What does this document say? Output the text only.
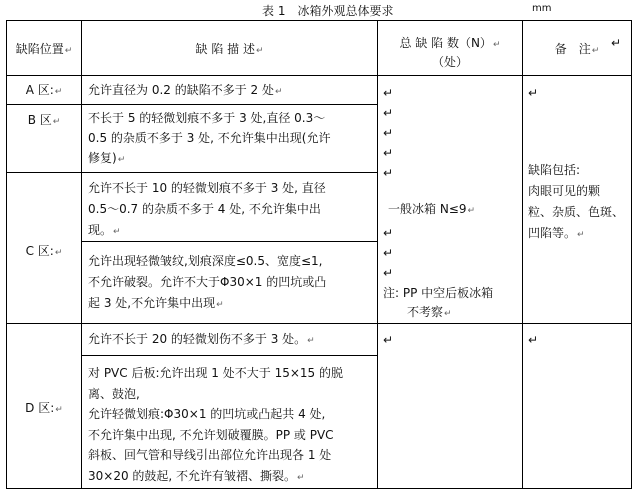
表 1　冰箱外观总体要求	mm
缺陷位置↵	缺 陷 描 述↵
总 缺 陷 数（N）↵
（处）
备　注↵
A 区:↵
B 区↵
C 区:↵
D 区:↵
允许直径为 0.2 的缺陷不多于 2 处↵
不长于 5 的轻微划痕不多于 3 处,直径 0.3～
0.5 的杂质不多于 3 处, 不允许集中出现(允许
修复)↵
允许不长于 10 的轻微划痕不多于 3 处, 直径
0.5～0.7 的杂质不多于 4 处, 不允许集中出
现。↵
允许出现轻微皱纹,划痕深度≤0.5、宽度≤1,
不允许破裂。允许不大于Φ30×1 的凹坑或凸
起 3 处,不允许集中出现↵
允许不长于 20 的轻微划伤不多于 3 处。↵
对 PVC 后板:允许出现 1 处不大于 15×15 的脱
离、鼓泡,
允许轻微划痕:Φ30×1 的凹坑或凸起共 4 处,
不允许集中出现, 不允许划破覆膜。PP 或 PVC
斜板、回气管和导线引出部位允许出现各 1 处
30×20 的鼓起, 不允许有皱褶、撕裂。↵
↵
↵
↵
↵
↵
一般冰箱 N≤9↵
↵
↵
↵
注: PP 中空后板冰箱
不考察↵
↵
↵
缺陷包括:
肉眼可见的颗
粒、杂质、色斑、
凹陷等。↵
↵
↵
